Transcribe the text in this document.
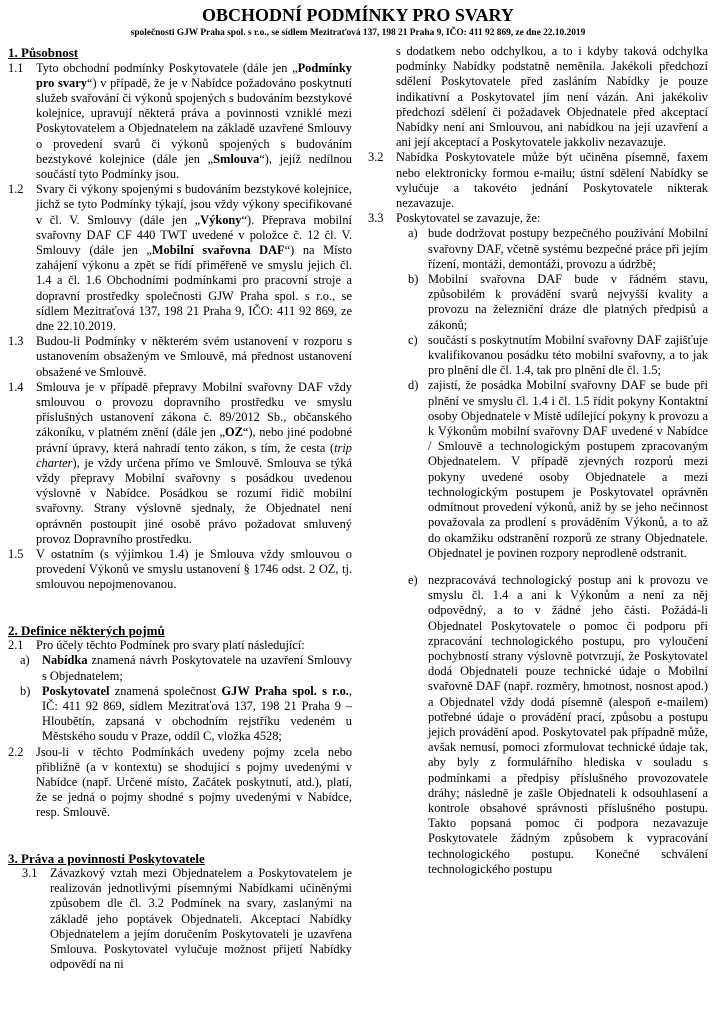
OBCHODNÍ PODMÍNKY PRO SVARY
společnosti GJW Praha spol. s r.o., se sídlem Mezitraťová 137, 198 21 Praha 9, IČO: 411 92 869, ze dne 22.10.2019

1. Působnost

1.1	Tyto obchodní podmínky Poskytovatele (dále jen „Podmínky pro svary“) v případě, že je v Nabídce požadováno poskytnutí služeb svařování či výkonů spojených s budováním bezstykové kolejnice, upravují některá práva a povinnosti vzniklé mezi Poskytovatelem a Objednatelem na základě uzavřené Smlouvy o provedení svarů či výkonů spojených s budováním bezstykové kolejnice (dále jen „Smlouva“), jejíž nedílnou součástí tyto Podmínky jsou.
1.2	Svary či výkony spojenými s budováním bezstykové kolejnice, jichž se tyto Podmínky týkají, jsou vždy výkony specifikované v čl. V. Smlouvy (dále jen „Výkony“). Přeprava mobilní svařovny DAF CF 440 TWT uvedené v položce č. 12 čl. V. Smlouvy (dále jen „Mobilní svařovna DAF“) na Místo zahájení výkonu a zpět se řídí přiměřeně ve smyslu jejich čl. 1.4 a čl. 1.6 Obchodními podmínkami pro pracovní stroje a dopravní prostředky společnosti GJW Praha spol. s r.o., se sídlem Mezitraťová 137, 198 21 Praha 9, IČO: 411 92 869, ze dne 22.10.2019.
1.3	Budou-li Podmínky v některém svém ustanovení v rozporu s ustanovením obsaženým ve Smlouvě, má přednost ustanovení obsažené ve Smlouvě.
1.4	Smlouva je v případě přepravy Mobilní svařovny DAF vždy smlouvou o provozu dopravního prostředku ve smyslu příslušných ustanovení zákona č. 89/2012 Sb., občanského zákoníku, v platném znění (dále jen „OZ“), nebo jiné podobné právní úpravy, která nahradí tento zákon, s tím, že cesta (trip charter), je vždy určena přímo ve Smlouvě. Smlouva se týká vždy přepravy Mobilní svařovny s posádkou uvedenou výslovně v Nabídce. Posádkou se rozumí řidič mobilní svařovny. Strany výslovně sjednaly, že Objednatel není oprávněn postoupit jiné osobě právo požadovat smluvený provoz Dopravního prostředku.
1.5	V ostatním (s výjimkou 1.4) je Smlouva vždy smlouvou o provedení Výkonů ve smyslu ustanovení § 1746 odst. 2 OZ, tj. smlouvou nepojmenovanou.

2. Definice některých pojmů

2.1	Pro účely těchto Podmínek pro svary platí následující:
a) Nabídka znamená návrh Poskytovatele na uzavření Smlouvy s Objednatelem;
b) Poskytovatel znamená společnost GJW Praha spol. s r.o., IČ: 411 92 869, sídlem Mezitraťová 137, 198 21 Praha 9 – Hloubětín, zapsaná v obchodním rejstříku vedeném u Městského soudu v Praze, oddíl C, vložka 4528;
2.2	Jsou-li v těchto Podmínkách uvedeny pojmy zcela nebo přibližně (a v kontextu) se shodující s pojmy uvedenými v Nabídce (např. Určené místo, Začátek poskytnutí, atd.), platí, že se jedná o pojmy shodné s pojmy uvedenými v Nabídce, resp. Smlouvě.

3. Práva a povinnosti Poskytovatele

3.1	Závazkový vztah mezi Objednatelem a Poskytovatelem je realizován jednotlivými písemnými Nabídkami učiněnými způsobem dle čl. 3.2 Podmínek na svary, zaslanými na základě jeho poptávek Objednateli. Akceptací Nabídky Objednatelem a jejím doručením Poskytovateli je uzavřena Smlouva. Poskytovatel vylučuje možnost přijetí Nabídky odpovědí na ni
s dodatkem nebo odchylkou, a to i kdyby taková odchylka podmínky Nabídky podstatně neměnila. Jakékoli předchozí sdělení Poskytovatele před zasláním Nabídky je pouze indikativní a Poskytovatel jím není vázán. Ani jakékoliv předchozí sdělení či požadavek Objednatele před akceptací Nabídky není ani Smlouvou, ani nabídkou na její uzavření a ani její akceptací a Poskytovatele jakkoliv nezavazuje.
3.2	Nabídka Poskytovatele může být učiněna písemně, faxem nebo elektronicky formou e-mailu; ústní sdělení Nabídky se vylučuje a takovéto jednání Poskytovatele nikterak nezavazuje.
3.3	Poskytovatel se zavazuje, že:
a) bude dodržovat postupy bezpečného používání Mobilní svařovny DAF, včetně systému bezpečné práce při jejím řízení, montáži, demontáži, provozu a údržbě;
b) Mobilní svařovna DAF bude v řádném stavu, způsobilém k provádění svarů nejvyšší kvality a provozu na železniční dráze dle platných předpisů a zákonů;
c) součástí s poskytnutím Mobilní svařovny DAF zajišťuje kvalifikovanou posádku této mobilní svařovny, a to jak pro plnění dle čl. 1.4, tak pro plnění dle čl. 1.5;
d) zajistí, že posádka Mobilní svařovny DAF se bude při plnění ve smyslu čl. 1.4 i čl. 1.5 řídit pokyny Kontaktní osoby Objednatele v Místě udílející pokyny k provozu a k Výkonům mobilní svařovny DAF uvedené v Nabídce / Smlouvě a technologickým postupem zpracovaným Objednatelem. V případě zjevných rozporů mezi pokyny uvedené osoby Objednatele a mezi technologickým postupem je Poskytovatel oprávněn odmítnout provedení výkonů, aniž by se jeho nečinnost považovala za prodlení s prováděním Výkonů, a to až do okamžiku odstranění rozporů ze strany Objednatele. Objednatel je povinen rozpory neprodleně odstranit.
e) nezpracovává technologický postup ani k provozu ve smyslu čl. 1.4 a ani k Výkonům a není za něj odpovědný, a to v žádné jeho části. Požádá-li Objednatel Poskytovatele o pomoc či podporu při zpracování technologického postupu, pro vyloučení pochybností strany výslovně potvrzují, že Poskytovatel dodá Objednateli pouze technické údaje o Mobilní svařovně DAF (např. rozměry, hmotnost, nosnost apod.) a Objednatel vždy dodá písemně (alespoň e-mailem) potřebné údaje o provádění prací, způsobu a postupu jejich provádění apod. Poskytovatel pak případně může, avšak nemusí, pomoci zformulovat technické údaje tak, aby byly z formulářního hlediska v souladu s podmínkami a předpisy příslušného provozovatele dráhy; následně je zašle Objednateli k odsouhlasení a kontrole obsahové správnosti příslušného postupu. Takto popsaná pomoc či podpora nezavazuje Poskytovatele žádným způsobem k vypracování technologického postupu. Konečné schválení technologického postupu
